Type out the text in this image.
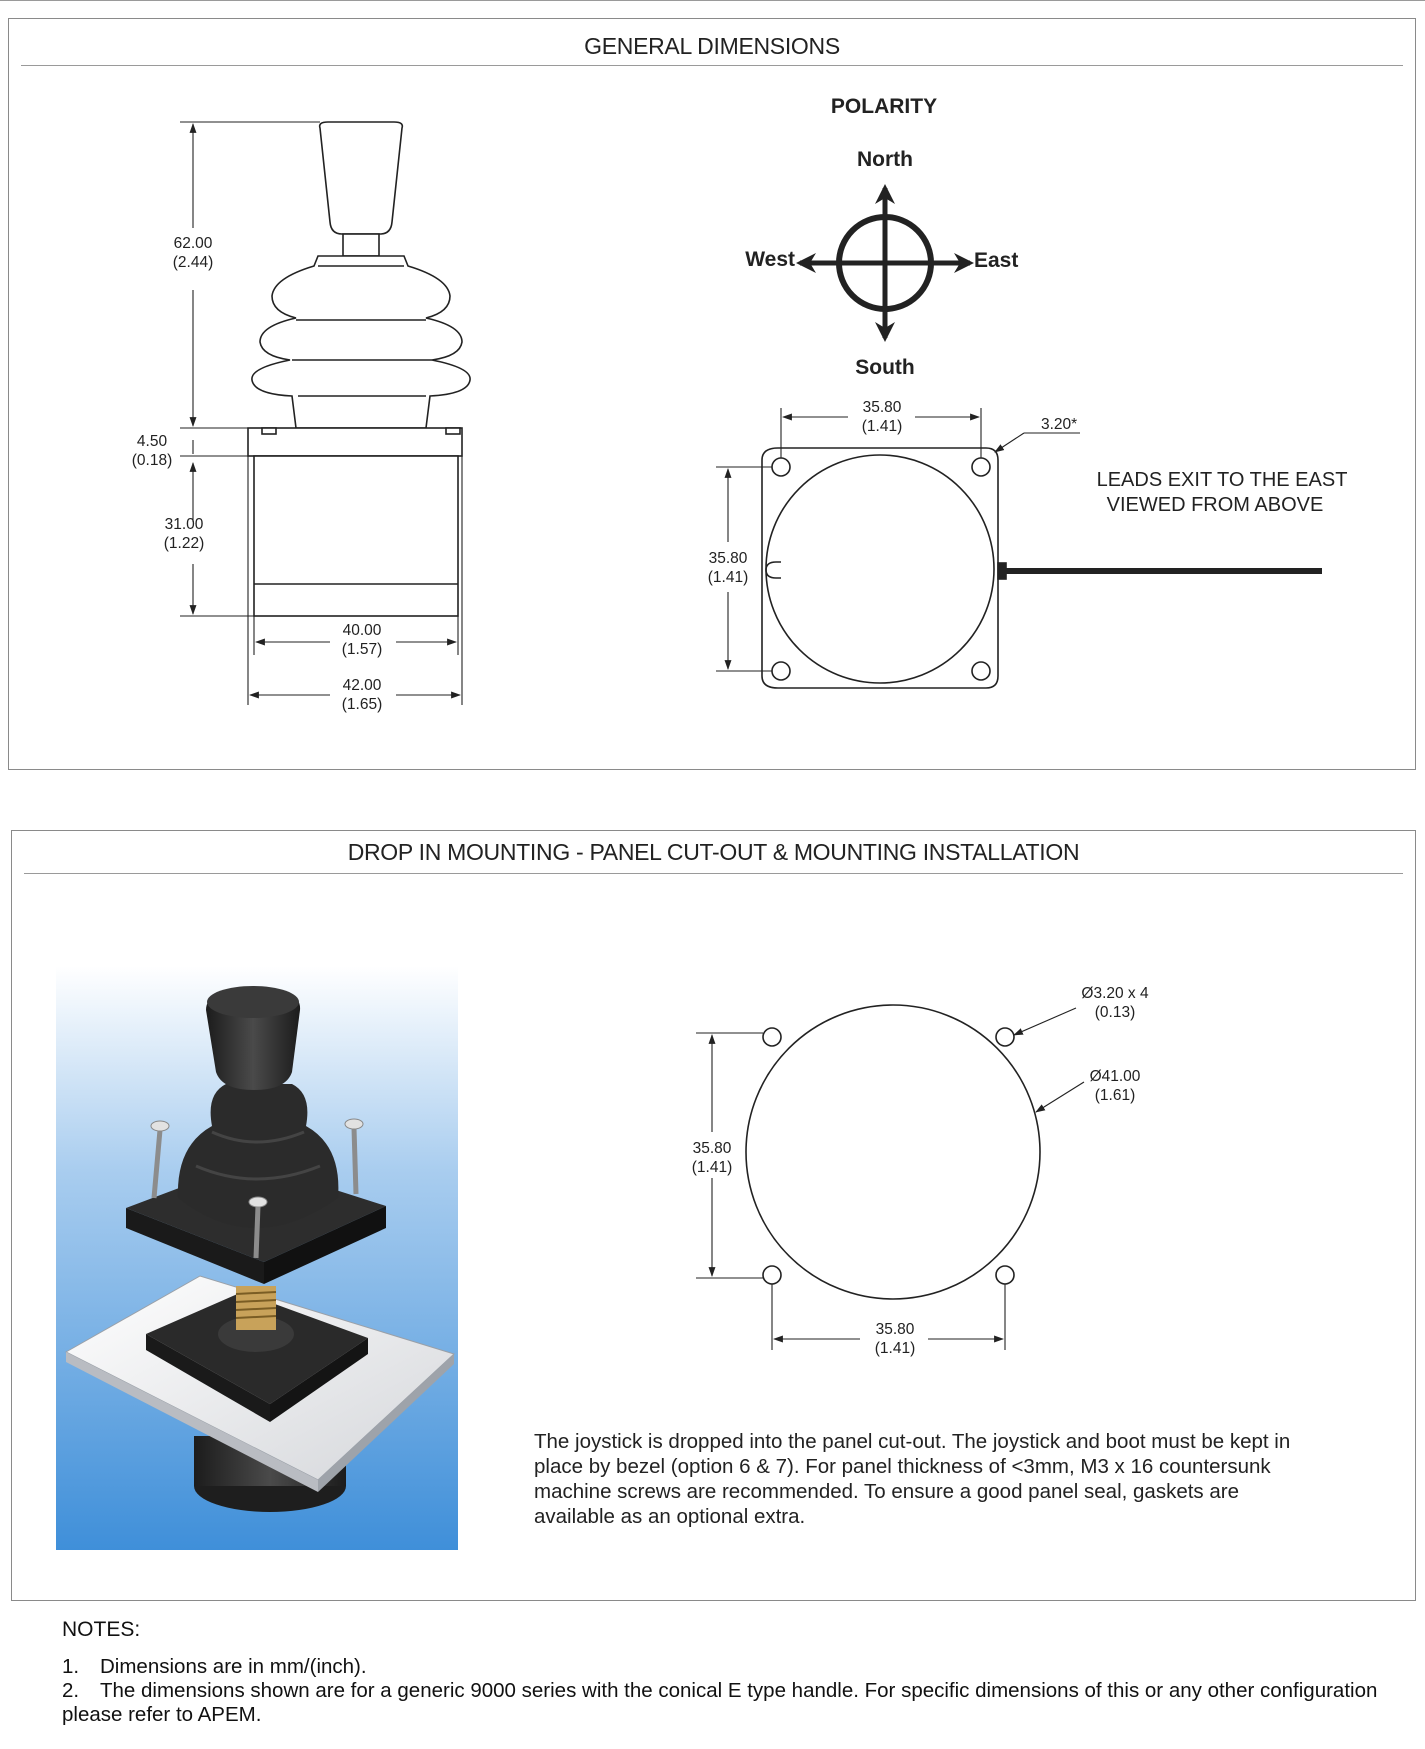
GENERAL DIMENSIONS
62.00
(2.44)
4.50
(0.18)
31.00
(1.22)
40.00
(1.57)
42.00
(1.65)
POLARITY
North
South
West	East
35.80
(1.41)
35.80
(1.41)
3.20*
LEADS EXIT TO THE EAST
VIEWED FROM ABOVE
DROP IN MOUNTING - PANEL CUT-OUT & MOUNTING INSTALLATION
Ø3.20 x 4
(0.13)
Ø41.00
(1.61)
35.80
(1.41)
35.80
(1.41)

The joystick is dropped into the panel cut-out. The joystick and boot must be kept in place by bezel (option 6 & 7). For panel thickness of <3mm, M3 x 16 countersunk machine screws are recommended. To ensure a good panel seal, gaskets are available as an optional extra.

NOTES:
1. Dimensions are in mm/(inch).
2. The dimensions shown are for a generic 9000 series with the conical E type handle. For specific dimensions of this or any other configuration please refer to APEM.
